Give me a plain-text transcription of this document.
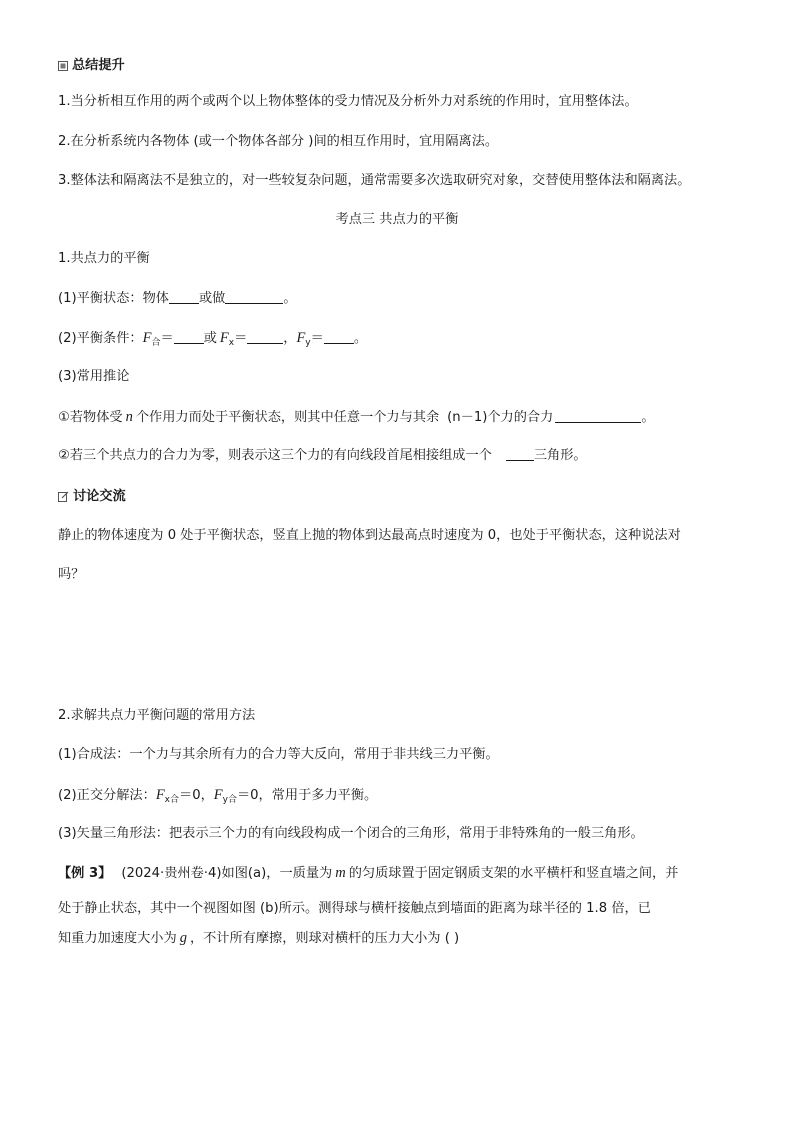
总结提升
1.当分析相互作用的两个或两个以上物体整体的受力情况及分析外力对系统的作用时，宜用整体法。
2.在分析系统内各物体 (或一个物体各部分 )间的相互作用时，宜用隔离法。
3.整体法和隔离法不是独立的，对一些较复杂问题，通常需要多次选取研究对象，交替使用整体法和隔离法。
考点三 共点力的平衡
1.共点力的平衡
(1)平衡状态：物体 或做	。
(2)平衡条件：$F_合=$ 或 $F_x=$	，$F_y=$ 。
(3)常用推论
①若物体受 n 个作用力而处于平衡状态，则其中任意一个力与其余 (n－1)个力的合力	。
②若三个共点力的合力为零，则表示这三个力的有向线段首尾相接组成一个	三角形。
讨论交流
静止的物体速度为 0 处于平衡状态，竖直上抛的物体到达最高点时速度为 0，也处于平衡状态，这种说法对
吗？
2.求解共点力平衡问题的常用方法
(1)合成法：一个力与其余所有力的合力等大反向，常用于非共线三力平衡。
(2)正交分解法：$F_{x合}=0$，$F_{y合}=0$，常用于多力平衡。
(3)矢量三角形法：把表示三个力的有向线段构成一个闭合的三角形，常用于非特殊角的一般三角形。
【例 3】 (2024·贵州卷·4)如图(a)，一质量为 m 的匀质球置于固定钢质支架的水平横杆和竖直墙之间，并
处于静止状态，其中一个视图如图 (b)所示。测得球与横杆接触点到墙面的距离为球半径的 1.8 倍，已
知重力加速度大小为 g ，不计所有摩擦，则球对横杆的压力大小为 ( )
